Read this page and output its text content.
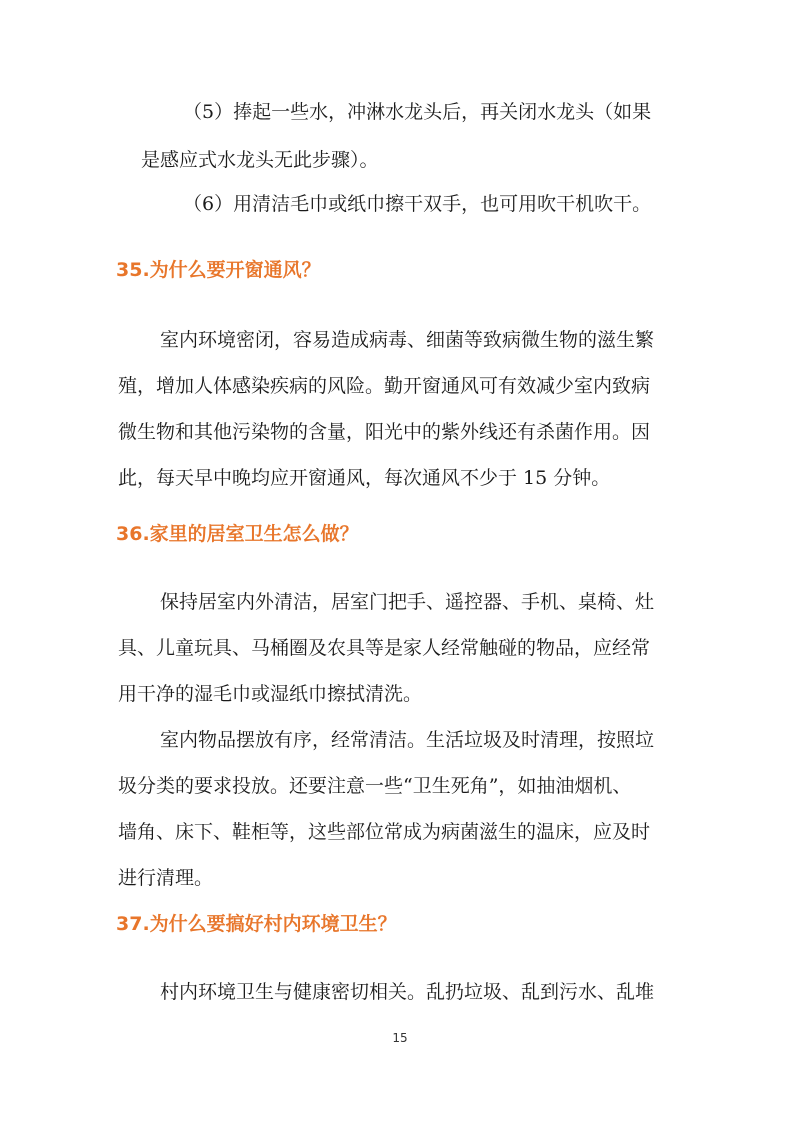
（5）捧起一些水，冲淋水龙头后，再关闭水龙头（如果

是感应式水龙头无此步骤）。

（6）用清洁毛巾或纸巾擦干双手，也可用吹干机吹干。

35.为什么要开窗通风？

室内环境密闭，容易造成病毒、细菌等致病微生物的滋生繁

殖，增加人体感染疾病的风险。勤开窗通风可有效减少室内致病

微生物和其他污染物的含量，阳光中的紫外线还有杀菌作用。因

此，每天早中晚均应开窗通风，每次通风不少于 15 分钟。

36.家里的居室卫生怎么做？

保持居室内外清洁，居室门把手、遥控器、手机、桌椅、灶

具、儿童玩具、马桶圈及农具等是家人经常触碰的物品，应经常

用干净的湿毛巾或湿纸巾擦拭清洗。

室内物品摆放有序，经常清洁。生活垃圾及时清理，按照垃

圾分类的要求投放。还要注意一些“卫生死角”，如抽油烟机、

墙角、床下、鞋柜等，这些部位常成为病菌滋生的温床，应及时

进行清理。

37.为什么要搞好村内环境卫生？

村内环境卫生与健康密切相关。乱扔垃圾、乱到污水、乱堆

15
